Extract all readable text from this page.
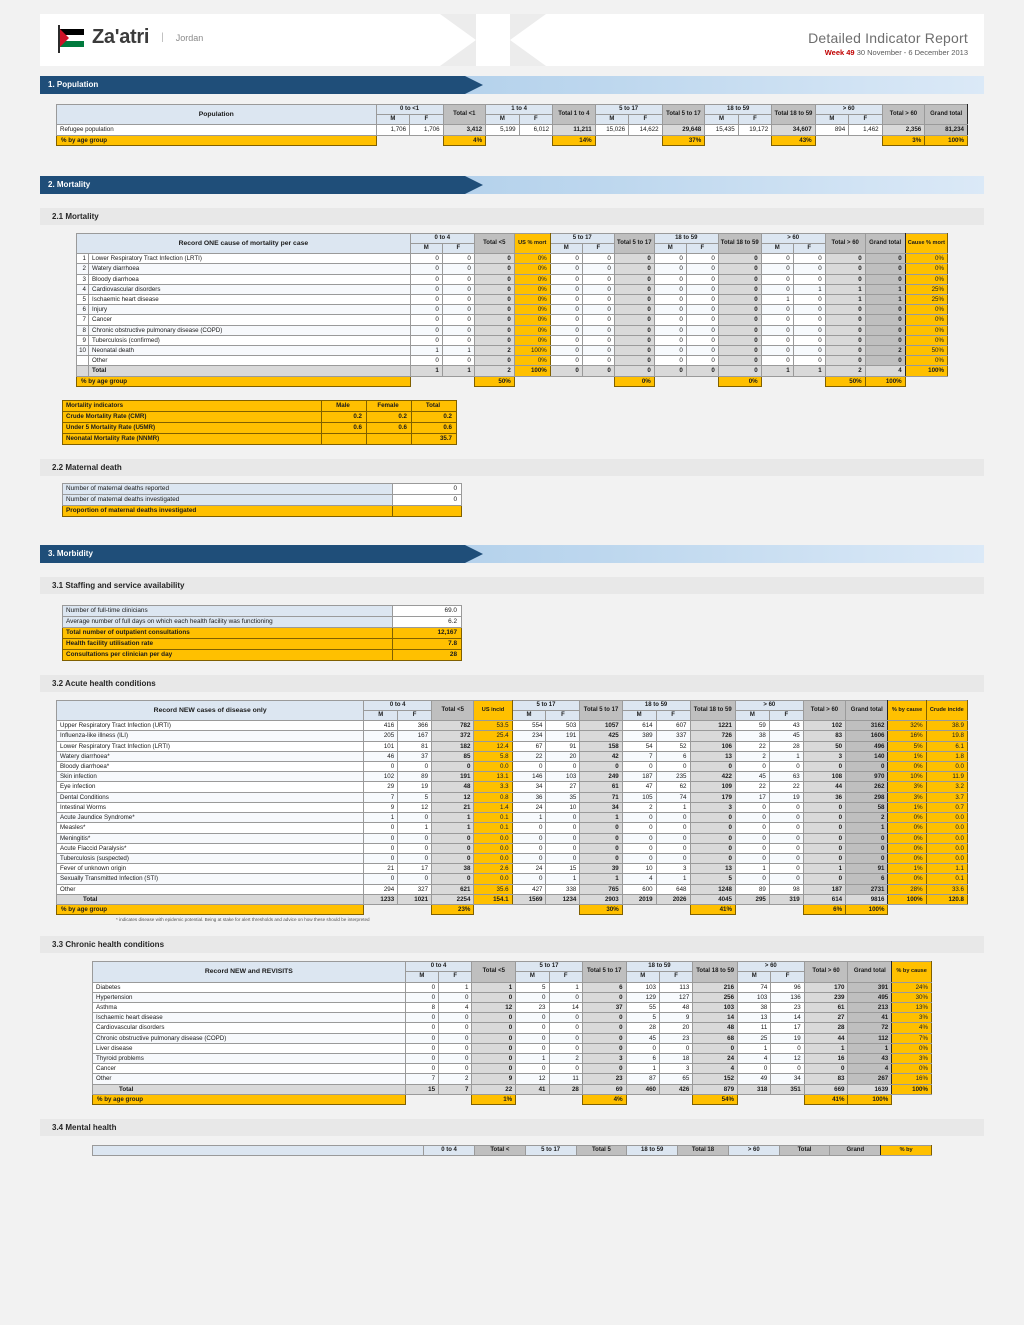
Za'atri | Jordan	Detailed Indicator Report
Week 49 30 November - 6 December 2013
1. Population
Population	0 to <1		Total <1	1 to 4		Total 1 to 4	5 to 17		Total 5 to 17	18 to 59		Total 18 to 59	> 60		Total > 60	Grand total
	M	F		M	F		M	F		M	F		M	F		
Refugee population	1,706	1,706	3,412	5,199	6,012	11,211	15,026	14,622	29,648	15,435	19,172	34,607	894	1,462	2,356	81,234
% by age group			4%			14%			37%			43%			3%	100%
2. Mortality
2.1 Mortality
Record ONE cause of mortality per case		0 to 4		Total <5	US % mort	5 to 17		Total 5 to 17	18 to 59		Total 18 to 59	> 60		Total > 60	Grand total	Cause % mort
		M	F			M	F		M	F		M	F			
1	Lower Respiratory Tract Infection (LRTI)	0	0	0	0%	0	0	0	0	0	0	0	0	0	0	0%
2	Watery diarrhoea	0	0	0	0%	0	0	0	0	0	0	0	0	0	0	0%
3	Bloody diarrhoea	0	0	0	0%	0	0	0	0	0	0	0	0	0	0	0%
4	Cardiovascular disorders	0	0	0	0%	0	0	0	0	0	0	0	1	1	1	25%
5	Ischaemic heart disease	0	0	0	0%	0	0	0	0	0	0	1	0	1	1	25%
6	Injury	0	0	0	0%	0	0	0	0	0	0	0	0	0	0	0%
7	Cancer	0	0	0	0%	0	0	0	0	0	0	0	0	0	0	0%
8	Chronic obstructive pulmonary disease (COPD)	0	0	0	0%	0	0	0	0	0	0	0	0	0	0	0%
9	Tuberculosis (confirmed)	0	0	0	0%	0	0	0	0	0	0	0	0	0	0	0%
10	Neonatal death	1	1	2	100%	0	0	0	0	0	0	0	0	0	2	50%
	Other	0	0	0	0%	0	0	0	0	0	0	0	0	0	0	0%
	Total	1	1	2	100%	0	0	0	0	0	0	1	1	2	4	100%
% by age group				50%				0%			0%			50%	100%	
Mortality indicators	Male	Female	Total
Crude Mortality Rate (CMR)	0.2	0.2	0.2
Under 5 Mortality Rate (U5MR)	0.6	0.6	0.6
Neonatal Mortality Rate (NNMR)			35.7
2.2 Maternal death
Number of maternal deaths reported	0
Number of maternal deaths investigated	0
Proportion of maternal deaths investigated	
3. Morbidity
3.1 Staffing and service availability
Number of full-time clinicians	69.0
Average number of full days on which each health facility was functioning	6.2
Total number of outpatient consultations	12,167
Health facility utilisation rate	7.8
Consultations per clinician per day	28
3.2 Acute health conditions
Record NEW cases of disease only	0 to 4		Total <5	US incid	5 to 17		Total 5 to 17	18 to 59		Total 18 to 59	> 60		Total > 60	Grand total	% by cause	Crude incide
	M	F			M	F		M	F		M	F				
Upper Respiratory Tract Infection (URTI)	416	366	782	53.5	554	503	1057	614	607	1221	59	43	102	3162	32%	38.9
Influenza-like illness (ILI)	205	167	372	25.4	234	191	425	389	337	726	38	45	83	1606	16%	19.8
Lower Respiratory Tract Infection (LRTI)	101	81	182	12.4	67	91	158	54	52	106	22	28	50	496	5%	6.1
Watery diarrhoea*	46	37	85	5.8	22	20	42	7	6	13	2	1	3	140	1%	1.8
Bloody diarrhoea*	0	0	0	0.0	0	0	0	0	0	0	0	0	0	0	0%	0.0
Skin infection	102	89	191	13.1	146	103	249	187	235	422	45	63	108	970	10%	11.9
Eye infection	29	19	48	3.3	34	27	61	47	62	109	22	22	44	262	3%	3.2
Dental Conditions	7	5	12	0.8	36	35	71	105	74	179	17	19	36	298	3%	3.7
Intestinal Worms	9	12	21	1.4	24	10	34	2	1	3	0	0	0	58	1%	0.7
Acute Jaundice Syndrome*	1	0	1	0.1	1	0	1	0	0	0	0	0	0	2	0%	0.0
Measles*	0	1	1	0.1	0	0	0	0	0	0	0	0	0	1	0%	0.0
Meningitis*	0	0	0	0.0	0	0	0	0	0	0	0	0	0	0	0%	0.0
Acute Flaccid Paralysis*	0	0	0	0.0	0	0	0	0	0	0	0	0	0	0	0%	0.0
Tuberculosis (suspected)	0	0	0	0.0	0	0	0	0	0	0	0	0	0	0	0%	0.0
Fever of unknown origin	21	17	38	2.6	24	15	39	10	3	13	1	0	1	91	1%	1.1
Sexually Transmitted Infection (STI)	0	0	0	0.0	0	1	1	4	1	5	0	0	0	6	0%	0.1
Other	294	327	621	35.6	427	338	765	600	648	1248	89	98	187	2731	28%	33.6
Total	1233	1021	2254	154.1	1569	1234	2903	2019	2026	4045	295	319	614	9816	100%	120.8
% by age group			23%				30%			41%			6%	100%		
* indicates disease with epidemic potential. Being at stake for alert thresholds and advice on how these should be interpreted
3.3 Chronic health conditions
Record NEW and REVISITS	0 to 4		Total <5	5 to 17		Total 5 to 17	18 to 59		Total 18 to 59	> 60		Total > 60	Grand total	% by cause
	M	F		M	F		M	F		M	F			
Diabetes	0	1	1	5	1	6	103	113	216	74	96	170	391	24%
Hypertension	0	0	0	0	0	0	129	127	256	103	136	239	495	30%
Asthma	8	4	12	23	14	37	55	48	103	38	23	61	213	13%
Ischaemic heart disease	0	0	0	0	0	0	5	9	14	13	14	27	41	3%
Cardiovascular disorders	0	0	0	0	0	0	28	20	48	11	17	28	72	4%
Chronic obstructive pulmonary disease (COPD)	0	0	0	0	0	0	45	23	68	25	19	44	112	7%
Liver disease	0	0	0	0	0	0	0	0	0	1	0	1	1	0%
Thyroid problems	0	0	0	1	2	3	6	18	24	4	12	16	43	3%
Cancer	0	0	0	0	0	0	1	3	4	0	0	0	4	0%
Other	7	2	9	12	11	23	87	65	152	49	34	83	267	16%
Total	15	7	22	41	28	69	460	426	879	318	351	669	1639	100%
% by age group			1%			4%			54%			41%	100%	
3.4 Mental health
	0 to 4	Total <	5 to 17	Total 5	18 to 59	Total 18	> 60	Total	Grand	% by
